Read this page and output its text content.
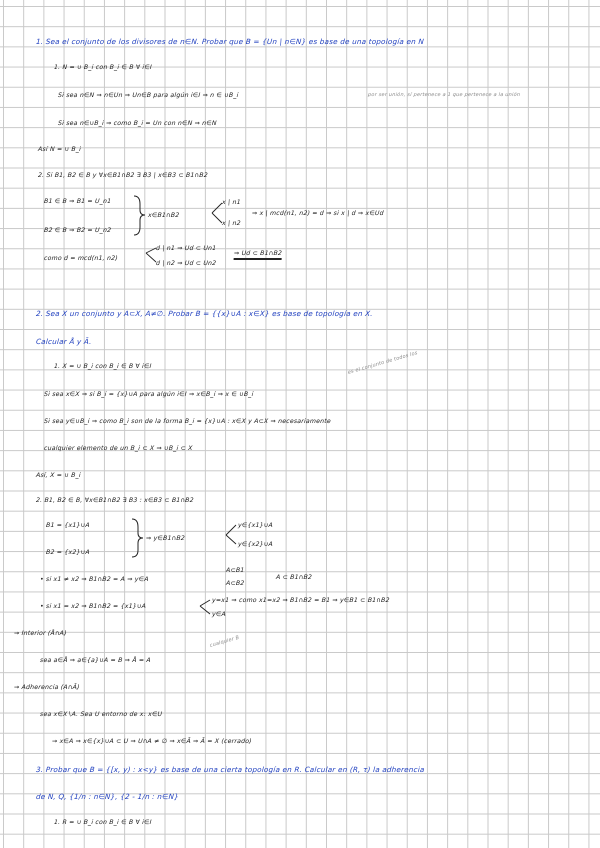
1. Sea el conjunto de los divisores de n∈N. Probar que B = {Un | n∈N} es base de una topología en N
1. N = ∪ B_i con B_i ∈ B ∀ i∈I
Si sea n∈N ⇒ n∈Un ⇒ Un∈B para algún i∈I ⇒ n ∈ ∪B_i	por ser unión, sí pertenece a 1 que pertenece a la unión
Si sea n∈∪B_i ⇒ como B_i = Un con n∈N ⇒ n∈N
Así N = ∪ B_i
2. Si B1, B2 ∈ B y ∀x∈B1∩B2 ∃ B3 | x∈B3 ⊂ B1∩B2
B1 ∈ B ⇒ B1 = U_n1
B2 ∈ B ⇒ B2 = U_n2
x∈B1∩B2
x | n1
x | n2
⇒ x | mcd(n1, n2) = d ⇒ si x | d ⇒ x∈Ud
como d = mcd(n1, n2)
d | n1 ⇒ Ud ⊂ Un1
d | n2 ⇒ Ud ⊂ Un2
⇒ Ud ⊂ B1∩B2
2. Sea X un conjunto y A⊂X, A≠∅. Probar B = {{x}∪A : x∈X} es base de topología en X.
Calcular Å y Ā.
1. X = ∪ B_i con B_i ∈ B ∀ i∈I	es el conjunto de todos los
Si sea x∈X ⇒ si B_i = {x}∪A para algún i∈I ⇒ x∈B_i ⇒ x ∈ ∪B_i
Si sea y∈∪B_i ⇒ como B_i son de la forma B_i = {x}∪A : x∈X y A⊂X ⇒ necesariamente
cualquier elemento de un B_i ⊂ X ⇒ ∪B_i ⊂ X
Así, X = ∪ B_i
2. B1, B2 ∈ B, ∀x∈B1∩B2 ∃ B3 : x∈B3 ⊂ B1∩B2
B1 = {x1}∪A
B2 = {x2}∪A
⇒ y∈B1∩B2
y∈{x1}∪A
y∈{x2}∪A
• si x1 ≠ x2 ⇒ B1∩B2 = A ⇒ y∈A
A⊂B1
A⊂B2
A ⊂ B1∩B2
• si x1 = x2 ⇒ B1∩B2 = {x1}∪A
y=x1 ⇒ como x1=x2 ⇒ B1∩B2 = B1 ⇒ y∈B1 ⊂ B1∩B2
y∈A
→ Interior (Å∩A)
cualquier B
sea a∈Å ⇒ a∈{a}∪A = B ⇒ Å = A
→ Adherencia (A∩Ā)
sea x∈X∖A. Sea U entorno de x: x∈U
→ x∈A ⇒ x∈{x}∪A ⊂ U ⇒ U∩A ≠ ∅ ⇒ x∈Ā ⇒ Ā = X (cerrado)
3. Probar que B = {[x, y) : x<y} es base de una cierta topología en R. Calcular en (R, τ) la adherencia
de N, Q, {1/n : n∈N}, {2 - 1/n : n∈N}
1. R = ∪ B_i con B_i ∈ B ∀ i∈I
